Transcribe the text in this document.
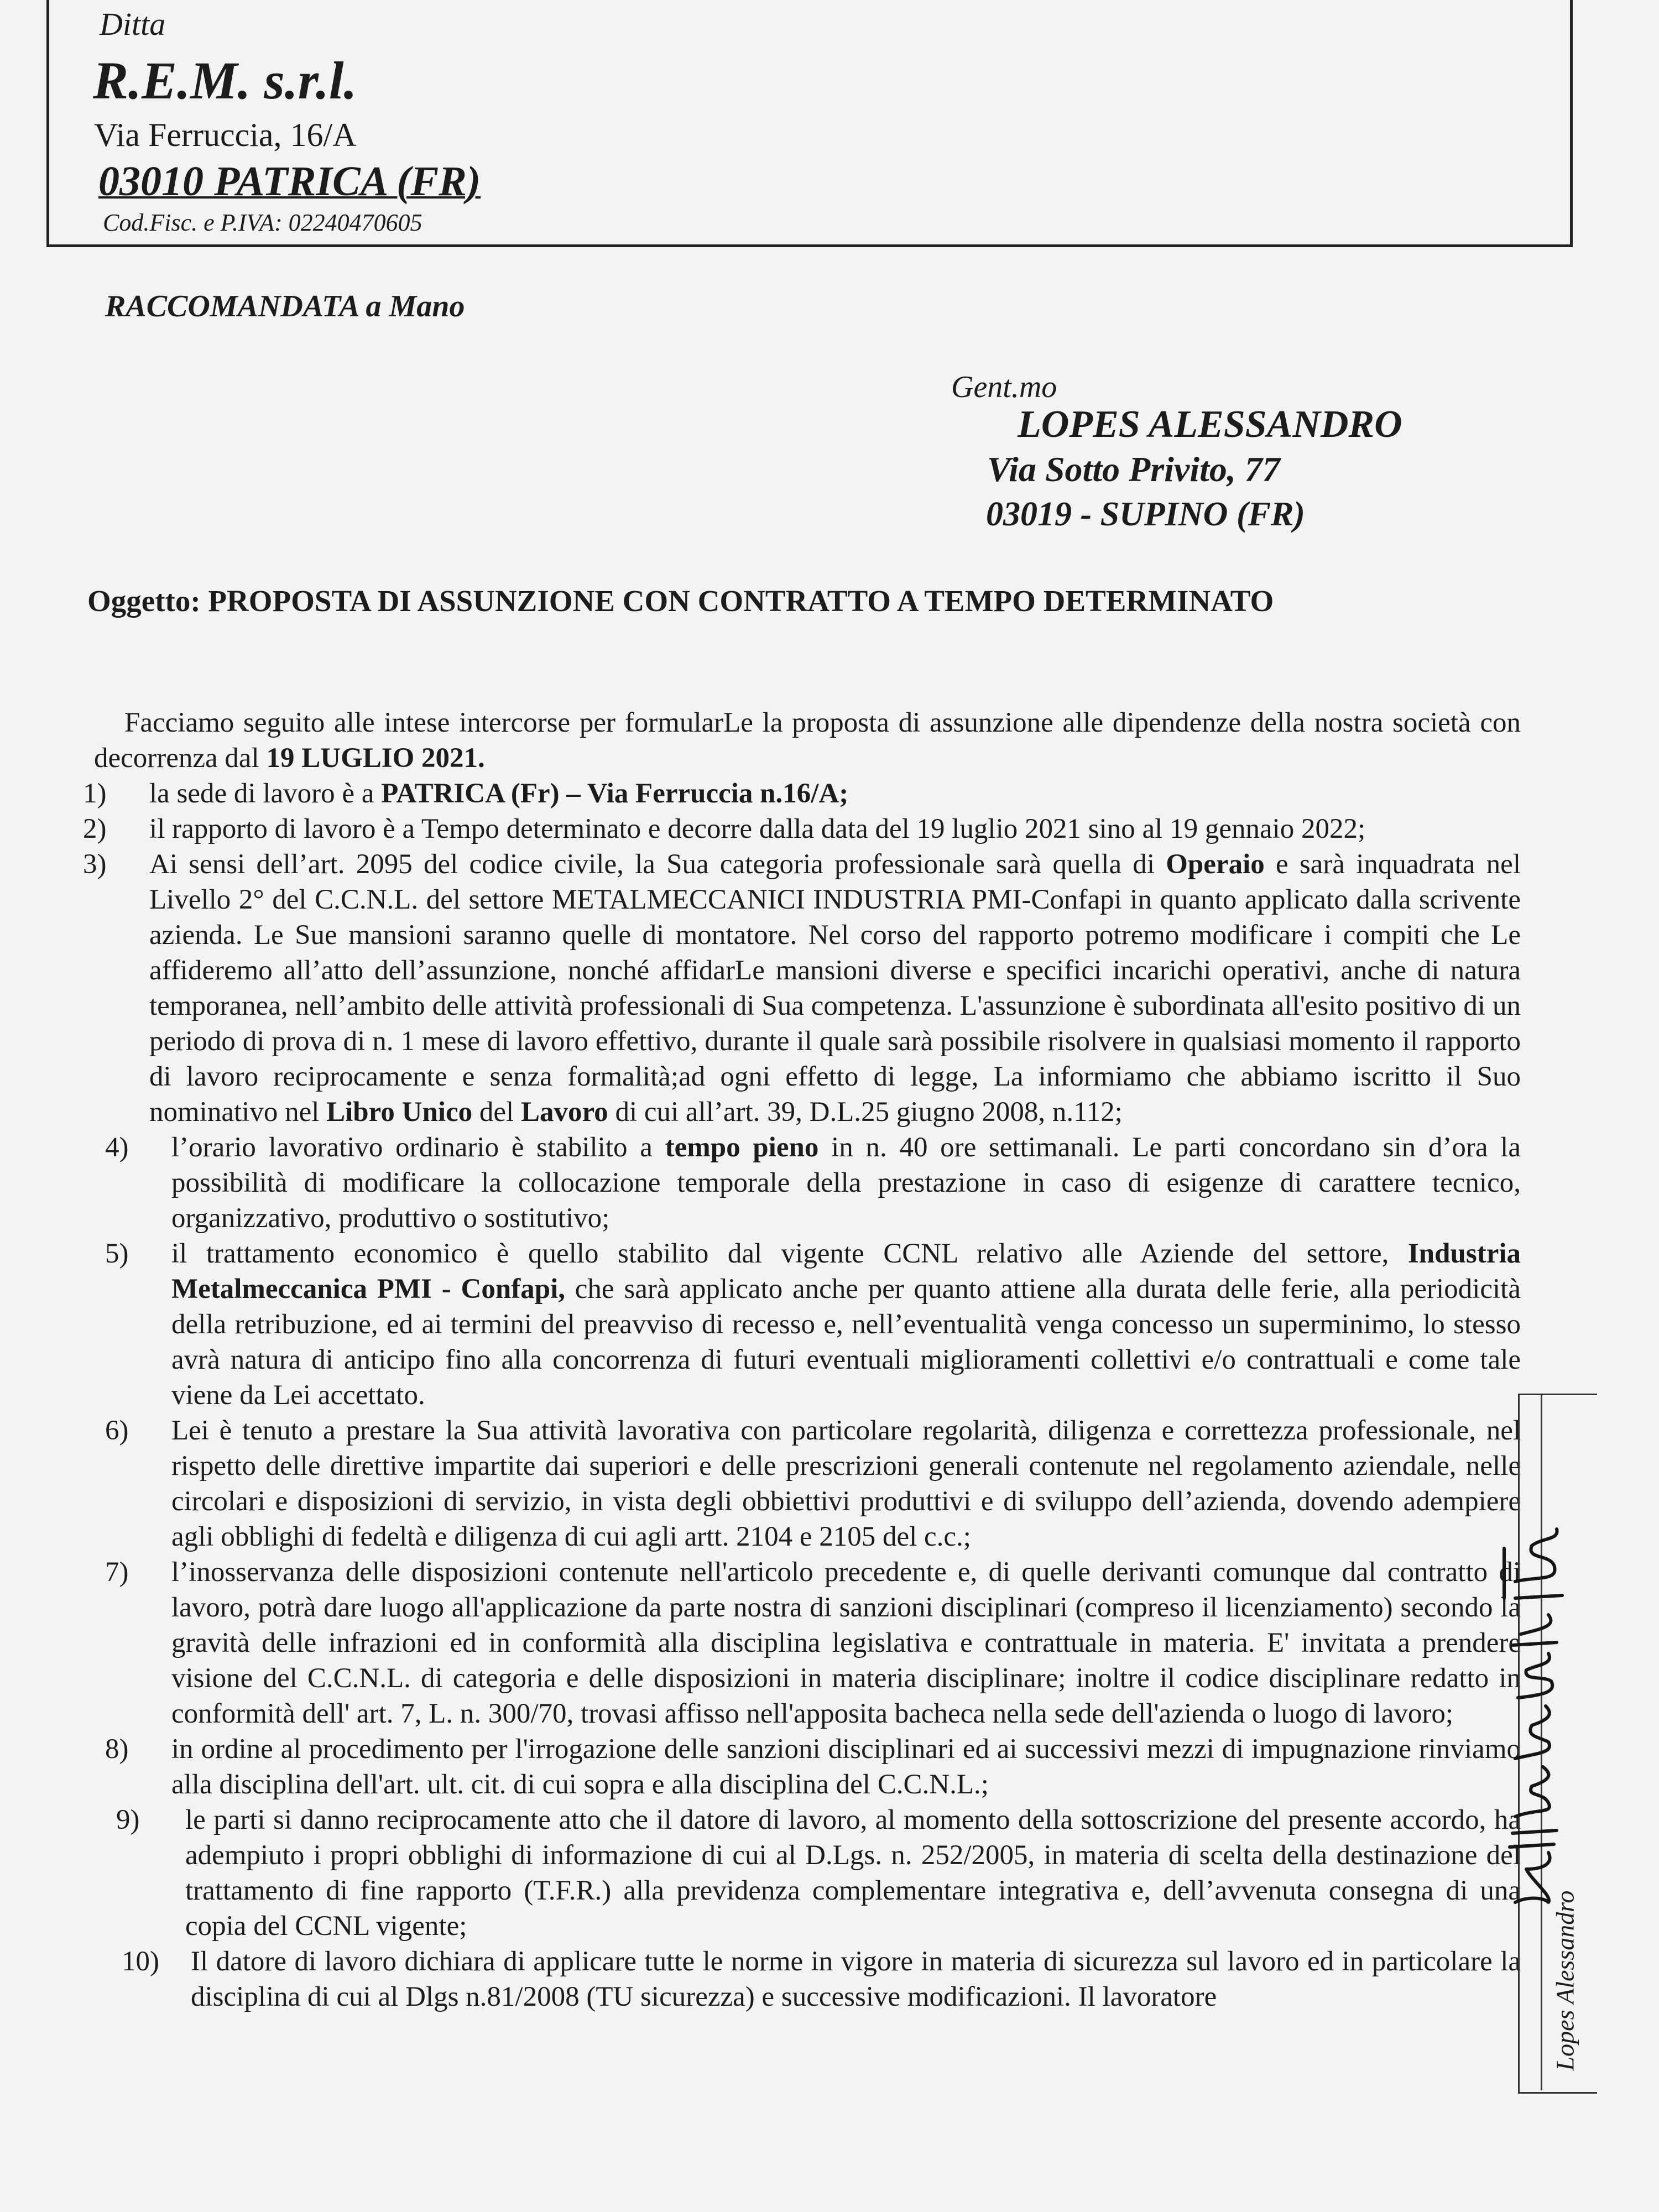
Ditta
R.E.M. s.r.l.
Via Ferruccia, 16/A
03010 PATRICA (FR)
Cod.Fisc. e P.IVA: 02240470605
RACCOMANDATA a Mano
Gent.mo
LOPES ALESSANDRO
Via Sotto Privito, 77
03019 - SUPINO (FR)
Oggetto: PROPOSTA DI ASSUNZIONE CON CONTRATTO A TEMPO DETERMINATO

Facciamo seguito alle intese intercorse per formularLe la proposta di assunzione alle dipendenze della nostra società con decorrenza dal 19 LUGLIO 2021.

1)	la sede di lavoro è a PATRICA (Fr) – Via Ferruccia n.16/A;
2)	il rapporto di lavoro è a Tempo determinato e decorre dalla data del 19 luglio 2021 sino al 19 gennaio 2022;
3)	Ai sensi dell’art. 2095 del codice civile, la Sua categoria professionale sarà quella di Operaio e sarà inquadrata nel Livello 2° del C.C.N.L. del settore METALMECCANICI INDUSTRIA PMI-Confapi in quanto applicato dalla scrivente azienda. Le Sue mansioni saranno quelle di montatore. Nel corso del rapporto potremo modificare i compiti che Le affideremo all’atto dell’assunzione, nonché affidarLe mansioni diverse e specifici incarichi operativi, anche di natura temporanea, nell’ambito delle attività professionali di Sua competenza. L'assunzione è subordinata all'esito positivo di un periodo di prova di n. 1 mese di lavoro effettivo, durante il quale sarà possibile risolvere in qualsiasi momento il rapporto di lavoro reciprocamente e senza formalità;ad ogni effetto di legge, La informiamo che abbiamo iscritto il Suo nominativo nel Libro Unico del Lavoro di cui all’art. 39, D.L.25 giugno 2008, n.112;
4)	l’orario lavorativo ordinario è stabilito a tempo pieno in n. 40 ore settimanali. Le parti concordano sin d’ora la possibilità di modificare la collocazione temporale della prestazione in caso di esigenze di carattere tecnico, organizzativo, produttivo o sostitutivo;
5)	il trattamento economico è quello stabilito dal vigente CCNL relativo alle Aziende del settore, Industria Metalmeccanica PMI - Confapi, che sarà applicato anche per quanto attiene alla durata delle ferie, alla periodicità della retribuzione, ed ai termini del preavviso di recesso e, nell’eventualità venga concesso un superminimo, lo stesso avrà natura di anticipo fino alla concorrenza di futuri eventuali miglioramenti collettivi e/o contrattuali e come tale viene da Lei accettato.
6)	Lei è tenuto a prestare la Sua attività lavorativa con particolare regolarità, diligenza e correttezza professionale, nel rispetto delle direttive impartite dai superiori e delle prescrizioni generali contenute nel regolamento aziendale, nelle circolari e disposizioni di servizio, in vista degli obbiettivi produttivi e di sviluppo dell’azienda, dovendo adempiere agli obblighi di fedeltà e diligenza di cui agli artt. 2104 e 2105 del c.c.;
7)	l’inosservanza delle disposizioni contenute nell'articolo precedente e, di quelle derivanti comunque dal contratto di lavoro, potrà dare luogo all'applicazione da parte nostra di sanzioni disciplinari (compreso il licenziamento) secondo la gravità delle infrazioni ed in conformità alla disciplina legislativa e contrattuale in materia. E' invitata a prendere visione del C.C.N.L. di categoria e delle disposizioni in materia disciplinare; inoltre il codice disciplinare redatto in conformità dell' art. 7, L. n. 300/70, trovasi affisso nell'apposita bacheca nella sede dell'azienda o luogo di lavoro;
8)	in ordine al procedimento per l'irrogazione delle sanzioni disciplinari ed ai successivi mezzi di impugnazione rinviamo alla disciplina dell'art. ult. cit. di cui sopra e alla disciplina del C.C.N.L.;
9)	le parti si danno reciprocamente atto che il datore di lavoro, al momento della sottoscrizione del presente accordo, ha adempiuto i propri obblighi di informazione di cui al D.Lgs. n. 252/2005, in materia di scelta della destinazione del trattamento di fine rapporto (T.F.R.) alla previdenza complementare integrativa e, dell’avvenuta consegna di una copia del CCNL vigente;
10)	Il datore di lavoro dichiara di applicare tutte le norme in vigore in materia di sicurezza sul lavoro ed in particolare la disciplina di cui al Dlgs n.81/2008 (TU sicurezza) e successive modificazioni. Il lavoratore	Lopes Alessandro
